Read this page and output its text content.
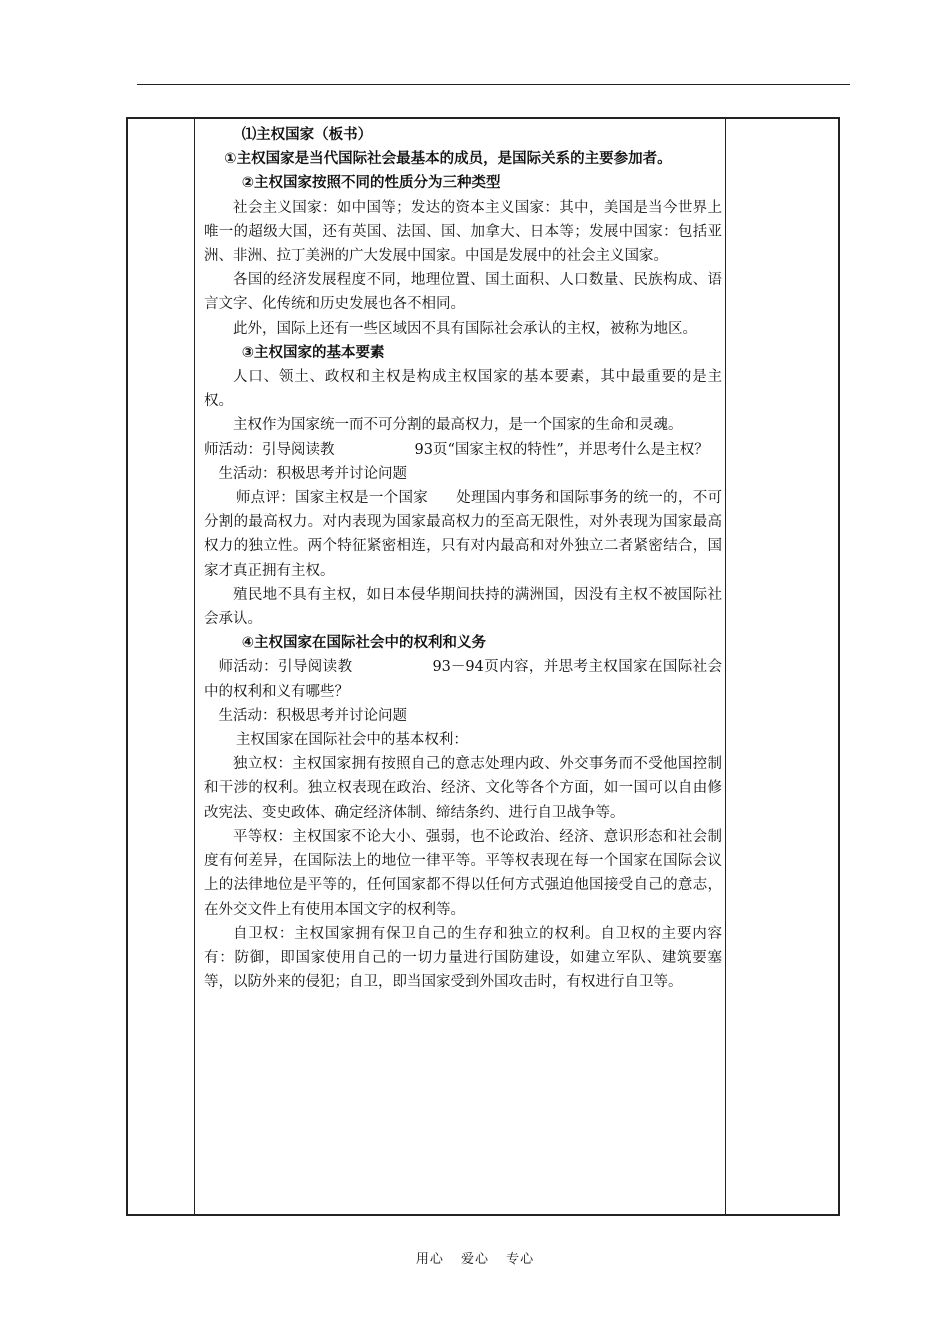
⑴主权国家（板书）

①主权国家是当代国际社会最基本的成员，是国际关系的主要参加者。

②主权国家按照不同的性质分为三种类型

社会主义国家：如中国等；发达的资本主义国家：其中，美国是当今世界上唯一的超级大国，还有英国、法国、国、加拿大、日本等；发展中国家：包括亚洲、非洲、拉丁美洲的广大发展中国家。中国是发展中的社会主义国家。

各国的经济发展程度不同，地理位置、国土面积、人口数量、民族构成、语言文字、化传统和历史发展也各不相同。

此外，国际上还有一些区域因不具有国际社会承认的主权，被称为地区。

③主权国家的基本要素

人口、领土、政权和主权是构成主权国家的基本要素，其中最重要的是主权。

主权作为国家统一而不可分割的最高权力，是一个国家的生命和灵魂。

师活动：引导阅读教	93页“国家主权的特性”，并思考什么是主权？

生活动：积极思考并讨论问题

师点评：国家主权是一个国家 处理国内事务和国际事务的统一的，不可分割的最高权力。对内表现为国家最高权力的至高无限性，对外表现为国家最高权力的独立性。两个特征紧密相连，只有对内最高和对外独立二者紧密结合，国家才真正拥有主权。

殖民地不具有主权，如日本侵华期间扶持的满洲国，因没有主权不被国际社会承认。

④主权国家在国际社会中的权利和义务

师活动：引导阅读教	93－94页内容，并思考主权国家在国际社会中的权利和义有哪些？

生活动：积极思考并讨论问题

主权国家在国际社会中的基本权利：

独立权：主权国家拥有按照自己的意志处理内政、外交事务而不受他国控制和干涉的权利。独立权表现在政治、经济、文化等各个方面，如一国可以自由修改宪法、变史政体、确定经济体制、缔结条约、进行自卫战争等。

平等权：主权国家不论大小、强弱，也不论政治、经济、意识形态和社会制度有何差异，在国际法上的地位一律平等。平等权表现在每一个国家在国际会议上的法律地位是平等的，任何国家都不得以任何方式强迫他国接受自己的意志，在外交文件上有使用本国文字的权利等。

自卫权：主权国家拥有保卫自己的生存和独立的权利。自卫权的主要内容有：防御，即国家使用自己的一切力量进行国防建设，如建立军队、建筑要塞等，以防外来的侵犯；自卫，即当国家受到外国攻击时，有权进行自卫等。

用心 爱心 专心
